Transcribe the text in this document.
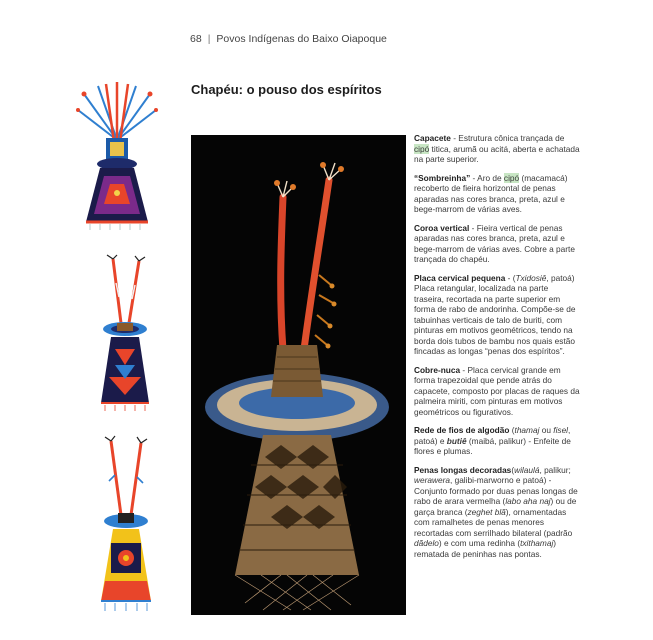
68 | Povos Indígenas do Baixo Oiapoque
Chapéu: o pouso dos espíritos

Capacete - Estrutura cônica trançada de cipó titica, arumã ou acitá, aberta e achatada na parte superior.

“Sombreinha” - Aro de cipó (macamacá) recoberto de fieira horizontal de penas aparadas nas cores branca, preta, azul e bege-marrom de várias aves.

Coroa vertical - Fieira vertical de penas aparadas nas cores branca, preta, azul e bege-marrom de várias aves. Cobre a parte trançada do chapéu.

Placa cervical pequena - (Txidosiê, patoá) Placa retangular, localizada na parte traseira, recortada na parte superior em forma de rabo de andorinha. Compõe-se de tabuinhas verticais de talo de buriti, com pinturas em motivos geométricos, tendo na borda dois tubos de bambu nos quais estão fincadas as longas “penas dos espíritos”.

Cobre-nuca - Placa cervical grande em forma trapezoidal que pende atrás do capacete, composto por placas de raques da palmeira miriti, com pinturas em motivos geométricos ou figurativos.

Rede de fios de algodão (thamaj ou fisel, patoá) e butiê (maibá, palikur) - Enfeite de flores e plumas.

Penas longas decoradas(wilaulá, palikur; werawera, galibi-marworno e patoá) - Conjunto formado por duas penas longas de rabo de arara vermelha (labo aha naj) ou de garça branca (zeghet blã), ornamentadas com ramalhetes de penas menores recortadas com serrilhado bilateral (padrão dãdelo) e com uma redinha (txithamaj) rematada de peninhas nas pontas.
